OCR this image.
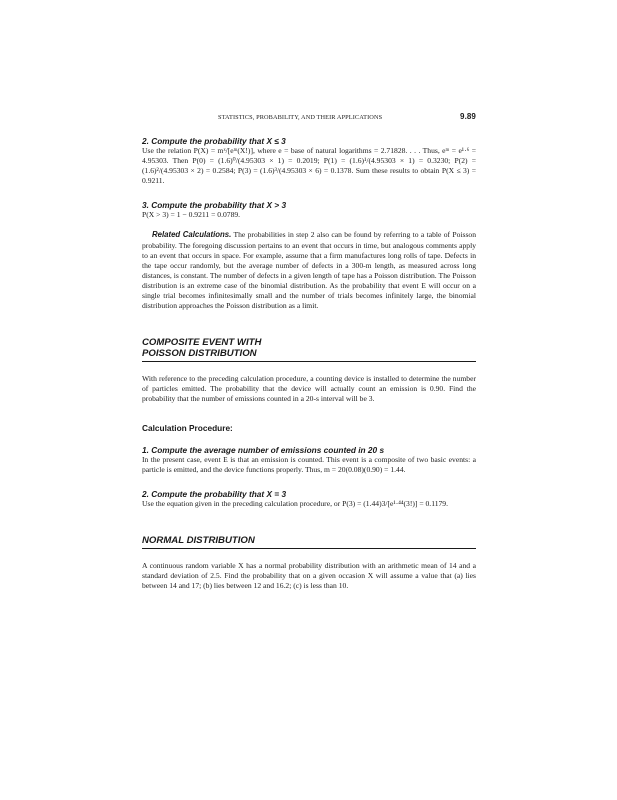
STATISTICS, PROBABILITY, AND THEIR APPLICATIONS	9.89
2. Compute the probability that X ≤ 3

Use the relation P(X) = mˣ/[eᵐ(X!)], where e = base of natural logarithms = 2.71828. . . . Thus, eᵐ = e¹·⁶ = 4.95303. Then P(0) = (1.6)⁰/(4.95303 × 1) = 0.2019; P(1) = (1.6)¹/(4.95303 × 1) = 0.3230; P(2) = (1.6)²/(4.95303 × 2) = 0.2584; P(3) = (1.6)³/(4.95303 × 6) = 0.1378. Sum these results to obtain P(X ≤ 3) = 0.9211.

3. Compute the probability that X > 3

P(X > 3) = 1 − 0.9211 = 0.0789.

Related Calculations. The probabilities in step 2 also can be found by referring to a table of Poisson probability. The foregoing discussion pertains to an event that occurs in time, but analogous comments apply to an event that occurs in space. For example, assume that a firm manufactures long rolls of tape. Defects in the tape occur randomly, but the average number of defects in a 300-m length, as measured across long distances, is constant. The number of defects in a given length of tape has a Poisson distribution. The Poisson distribution is an extreme case of the binomial distribution. As the probability that event E will occur on a single trial becomes infinitesimally small and the number of trials becomes infinitely large, the binomial distribution approaches the Poisson distribution as a limit.

COMPOSITE EVENT WITH
POISSON DISTRIBUTION

With reference to the preceding calculation procedure, a counting device is installed to determine the number of particles emitted. The probability that the device will actually count an emission is 0.90. Find the probability that the number of emissions counted in a 20-s interval will be 3.

Calculation Procedure:
1. Compute the average number of emissions counted in 20 s

In the present case, event E is that an emission is counted. This event is a composite of two basic events: a particle is emitted, and the device functions properly. Thus, m = 20(0.08)(0.90) = 1.44.

2. Compute the probability that X = 3

Use the equation given in the preceding calculation procedure, or P(3) = (1.44)3/[e¹·⁴⁴(3!)] = 0.1179.

NORMAL DISTRIBUTION

A continuous random variable X has a normal probability distribution with an arithmetic mean of 14 and a standard deviation of 2.5. Find the probability that on a given occasion X will assume a value that (a) lies between 14 and 17; (b) lies between 12 and 16.2; (c) is less than 10.
